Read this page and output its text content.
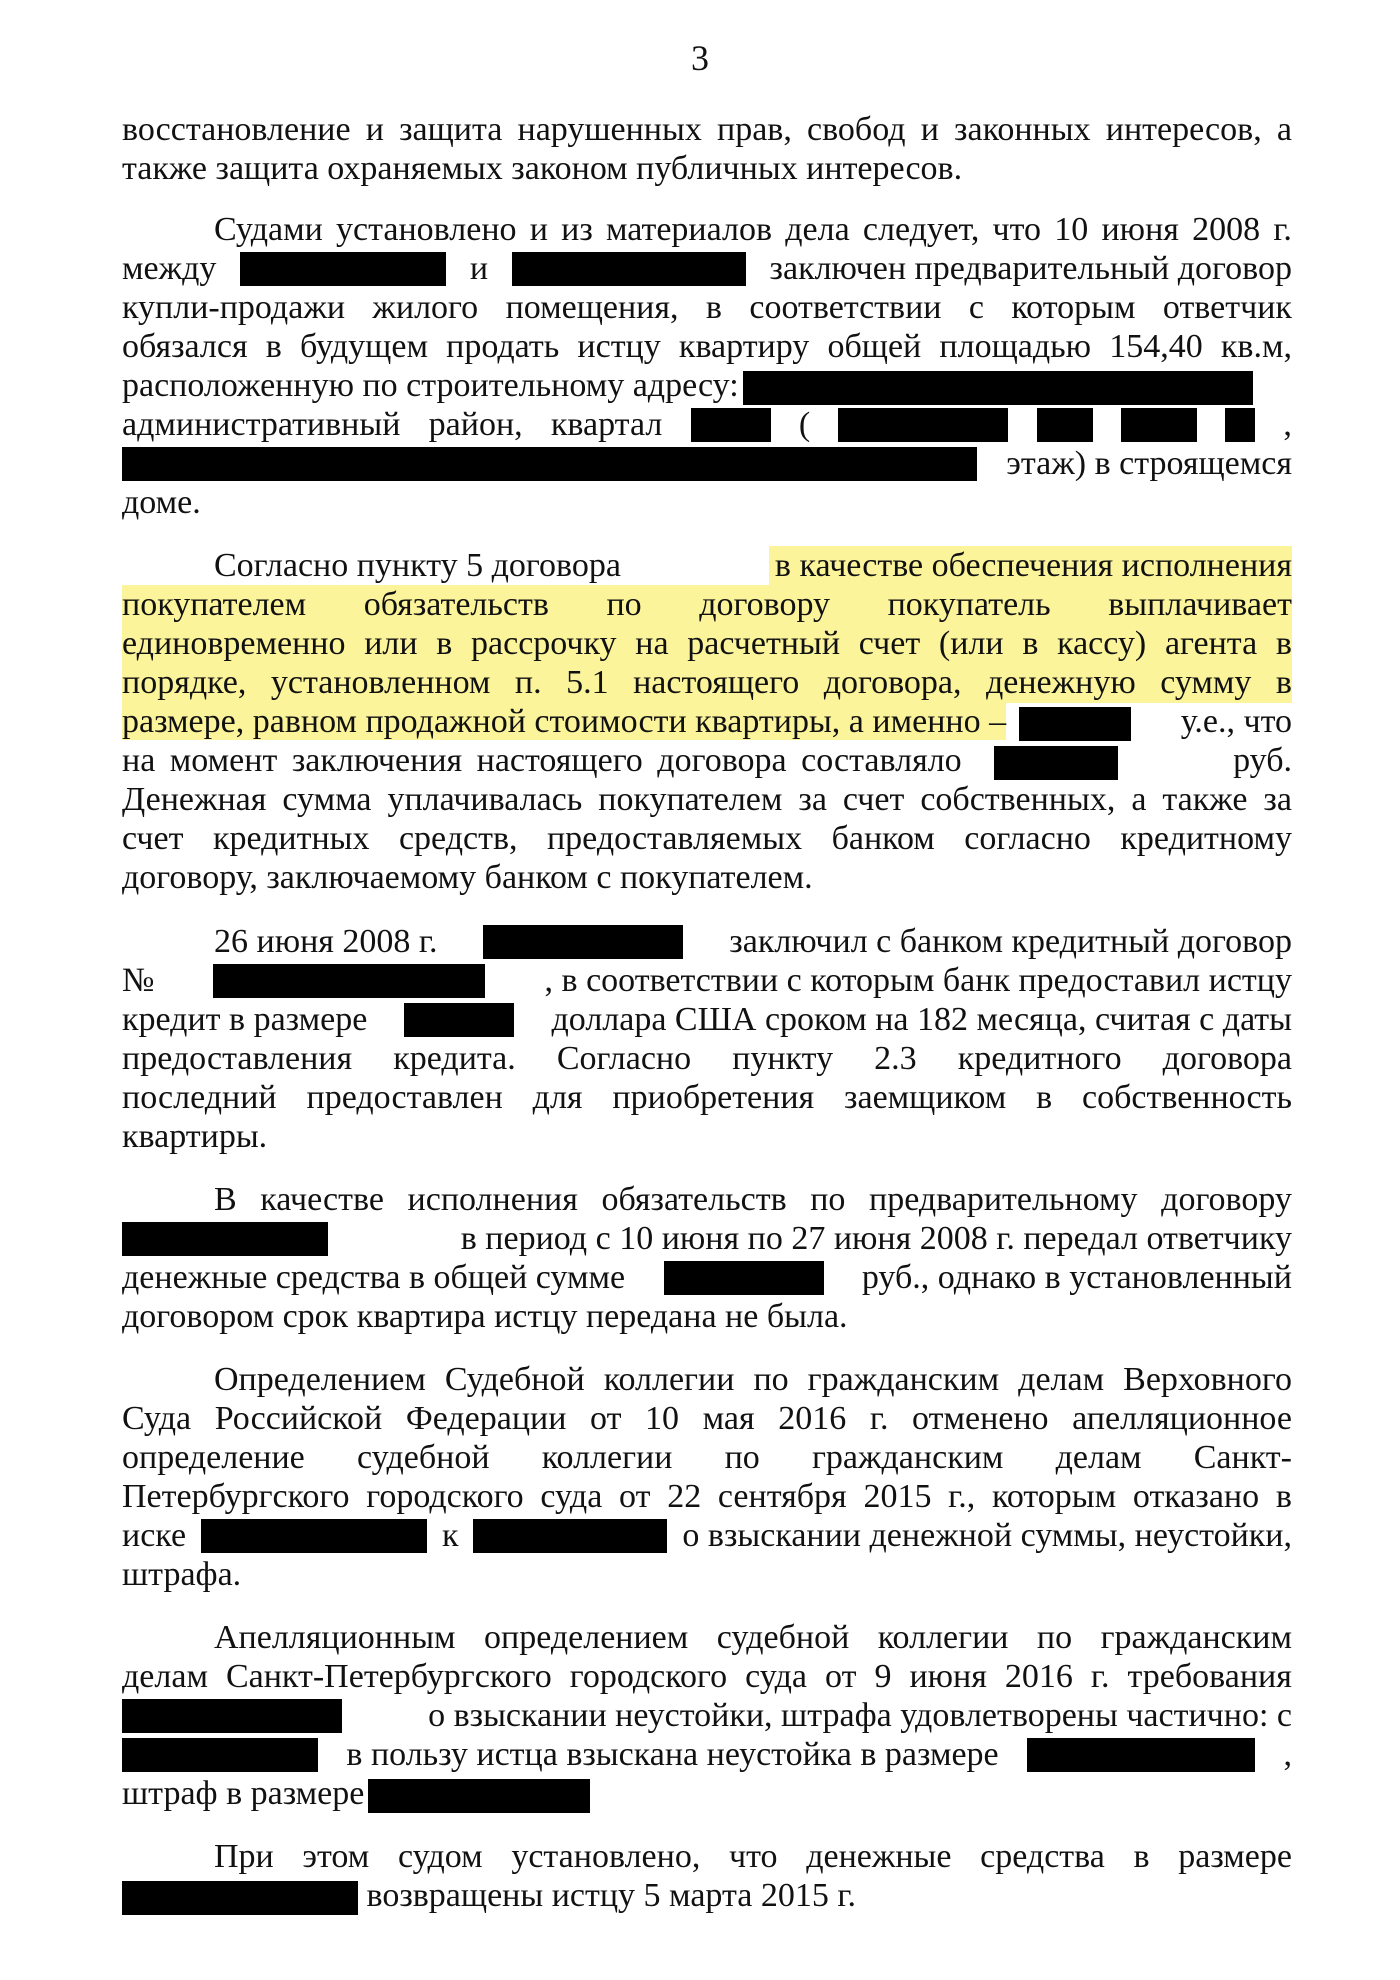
3
восстановление и защита нарушенных прав, свобод и законных интересов, а
также защита охраняемых законом публичных интересов.
Судами установлено и из материалов дела следует, что 10 июня 2008 г.
между	и	заключен предварительный договор
купли-продажи жилого помещения, в соответствии с которым ответчик
обязался в будущем продать истцу квартиру общей площадью 154,40 кв.м,
расположенную по строительному адресу:
административный район, квартал	(	,
этаж) в строящемся
доме.
Согласно пункту 5 договора	в качестве обеспечения исполнения
покупателем обязательств по договору покупатель выплачивает
единовременно или в рассрочку на расчетный счет (или в кассу) агента в
порядке, установленном п. 5.1 настоящего договора, денежную сумму в
размере, равном продажной стоимости квартиры, а именно –	у.е., что
на момент заключения настоящего договора составляло	руб.
Денежная сумма уплачивалась покупателем за счет собственных, а также за
счет кредитных средств, предоставляемых банком согласно кредитному
договору, заключаемому банком с покупателем.
26 июня 2008 г.	заключил с банком кредитный договор
№	, в соответствии с которым банк предоставил истцу
кредит в размере	доллара США сроком на 182 месяца, считая с даты
предоставления кредита. Согласно пункту 2.3 кредитного договора
последний предоставлен для приобретения заемщиком в собственность
квартиры.
В качестве исполнения обязательств по предварительному договору
в период с 10 июня по 27 июня 2008 г. передал ответчику
денежные средства в общей сумме	руб., однако в установленный
договором срок квартира истцу передана не была.
Определением Судебной коллегии по гражданским делам Верховного
Суда Российской Федерации от 10 мая 2016 г. отменено апелляционное
определение судебной коллегии по гражданским делам Санкт-
Петербургского городского суда от 22 сентября 2015 г., которым отказано в
иске	к	о взыскании денежной суммы, неустойки,
штрафа.
Апелляционным определением судебной коллегии по гражданским
делам Санкт-Петербургского городского суда от 9 июня 2016 г. требования
о взыскании неустойки, штрафа удовлетворены частично: с
в пользу истца взыскана неустойка в размере	,
штраф в размере
При этом судом установлено, что денежные средства в размере
возвращены истцу 5 марта 2015 г.
